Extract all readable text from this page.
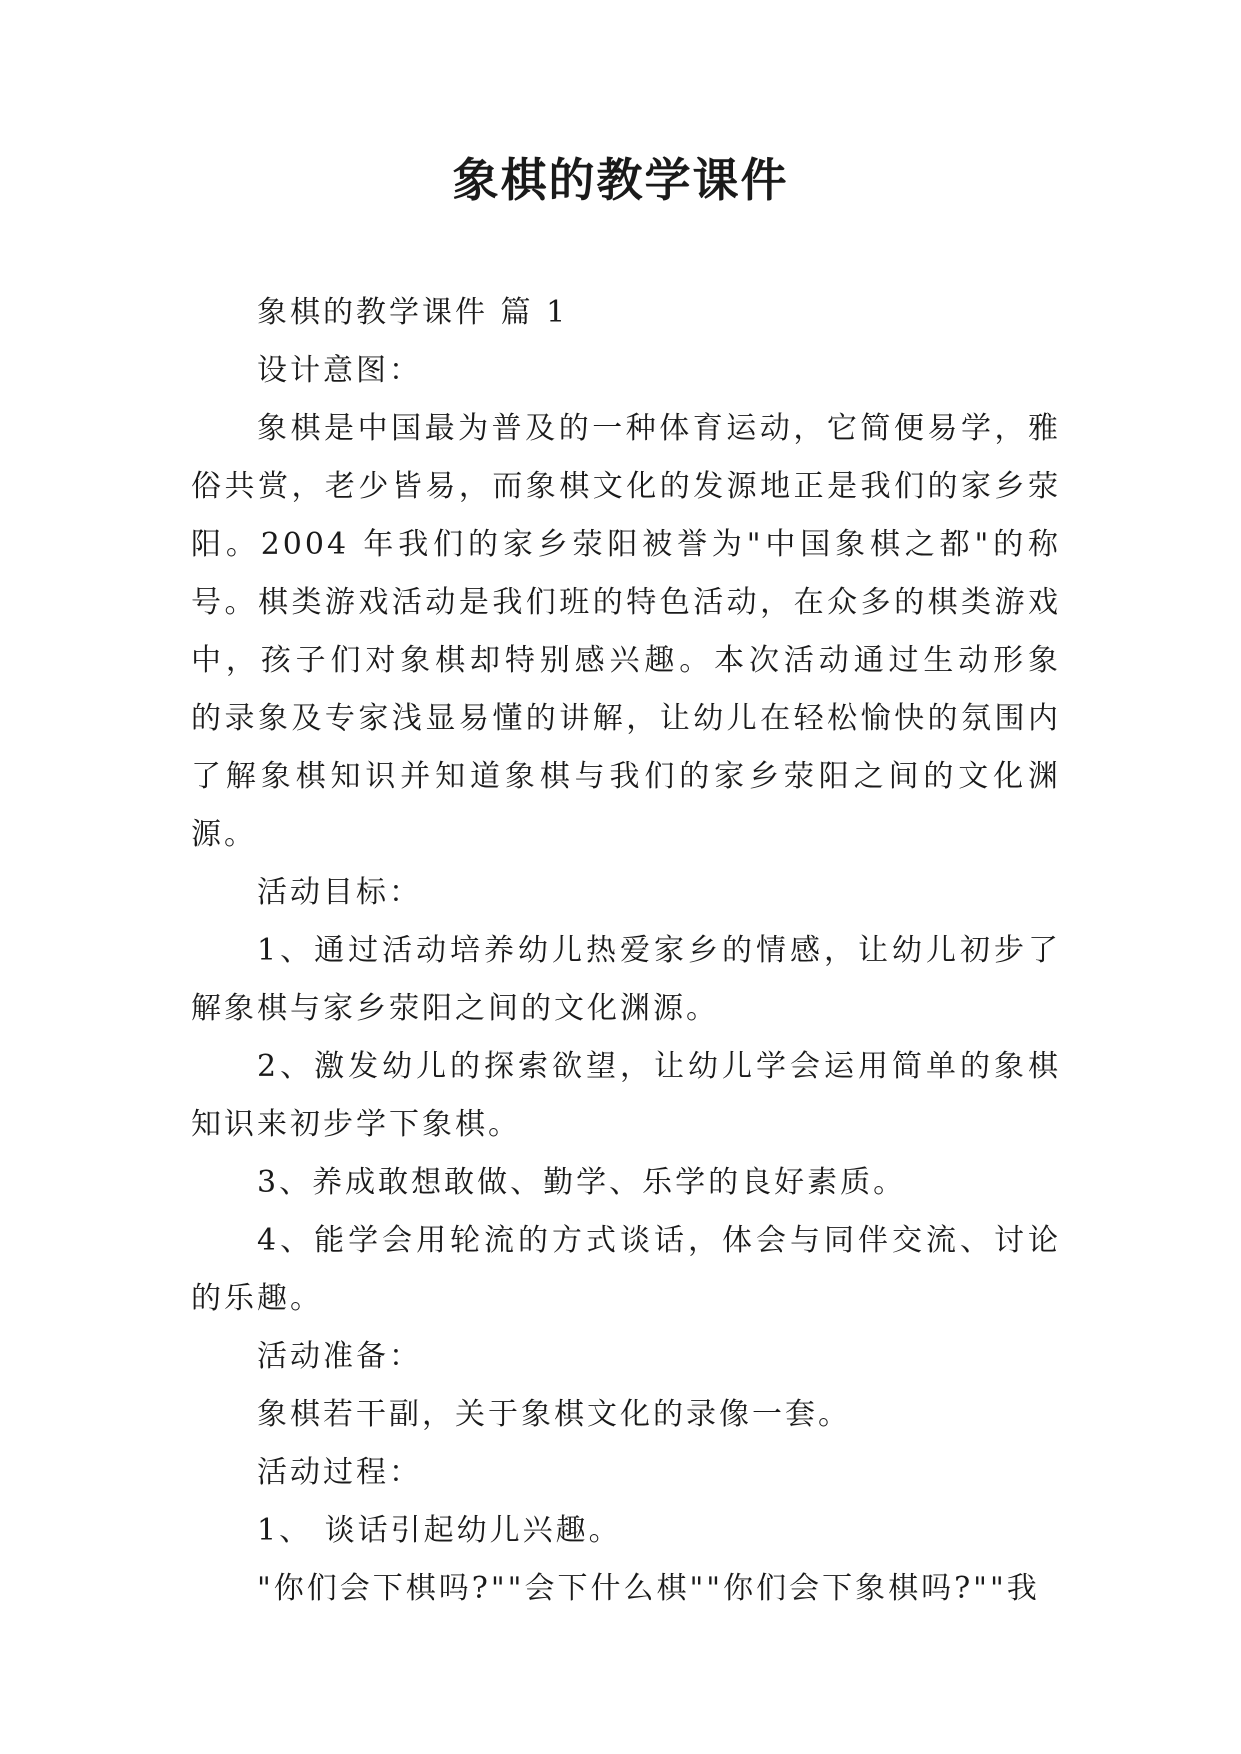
象棋的教学课件

象棋的教学课件 篇 1

设计意图：

象棋是中国最为普及的一种体育运动，它简便易学，雅俗共赏，老少皆易，而象棋文化的发源地正是我们的家乡荥阳。2004 年我们的家乡荥阳被誉为"中国象棋之都"的称号。棋类游戏活动是我们班的特色活动，在众多的棋类游戏中，孩子们对象棋却特别感兴趣。本次活动通过生动形象 的录象及专家浅显易懂的讲解，让幼儿在轻松愉快的氛围内了解象棋知识并知道象棋与我们的家乡荥阳之间的文化渊源。

活动目标：

1、通过活动培养幼儿热爱家乡的情感，让幼儿初步了解象棋与家乡荥阳之间的文化渊源。

2、激发幼儿的探索欲望，让幼儿学会运用简单的象棋知识来初步学下象棋。

3、养成敢想敢做、勤学、乐学的良好素质。

4、能学会用轮流的方式谈话，体会与同伴交流、讨论的乐趣。

活动准备：

象棋若干副，关于象棋文化的录像一套。

活动过程：

1、 谈话引起幼儿兴趣。

"你们会下棋吗?""会下什么棋""你们会下象棋吗?""我
